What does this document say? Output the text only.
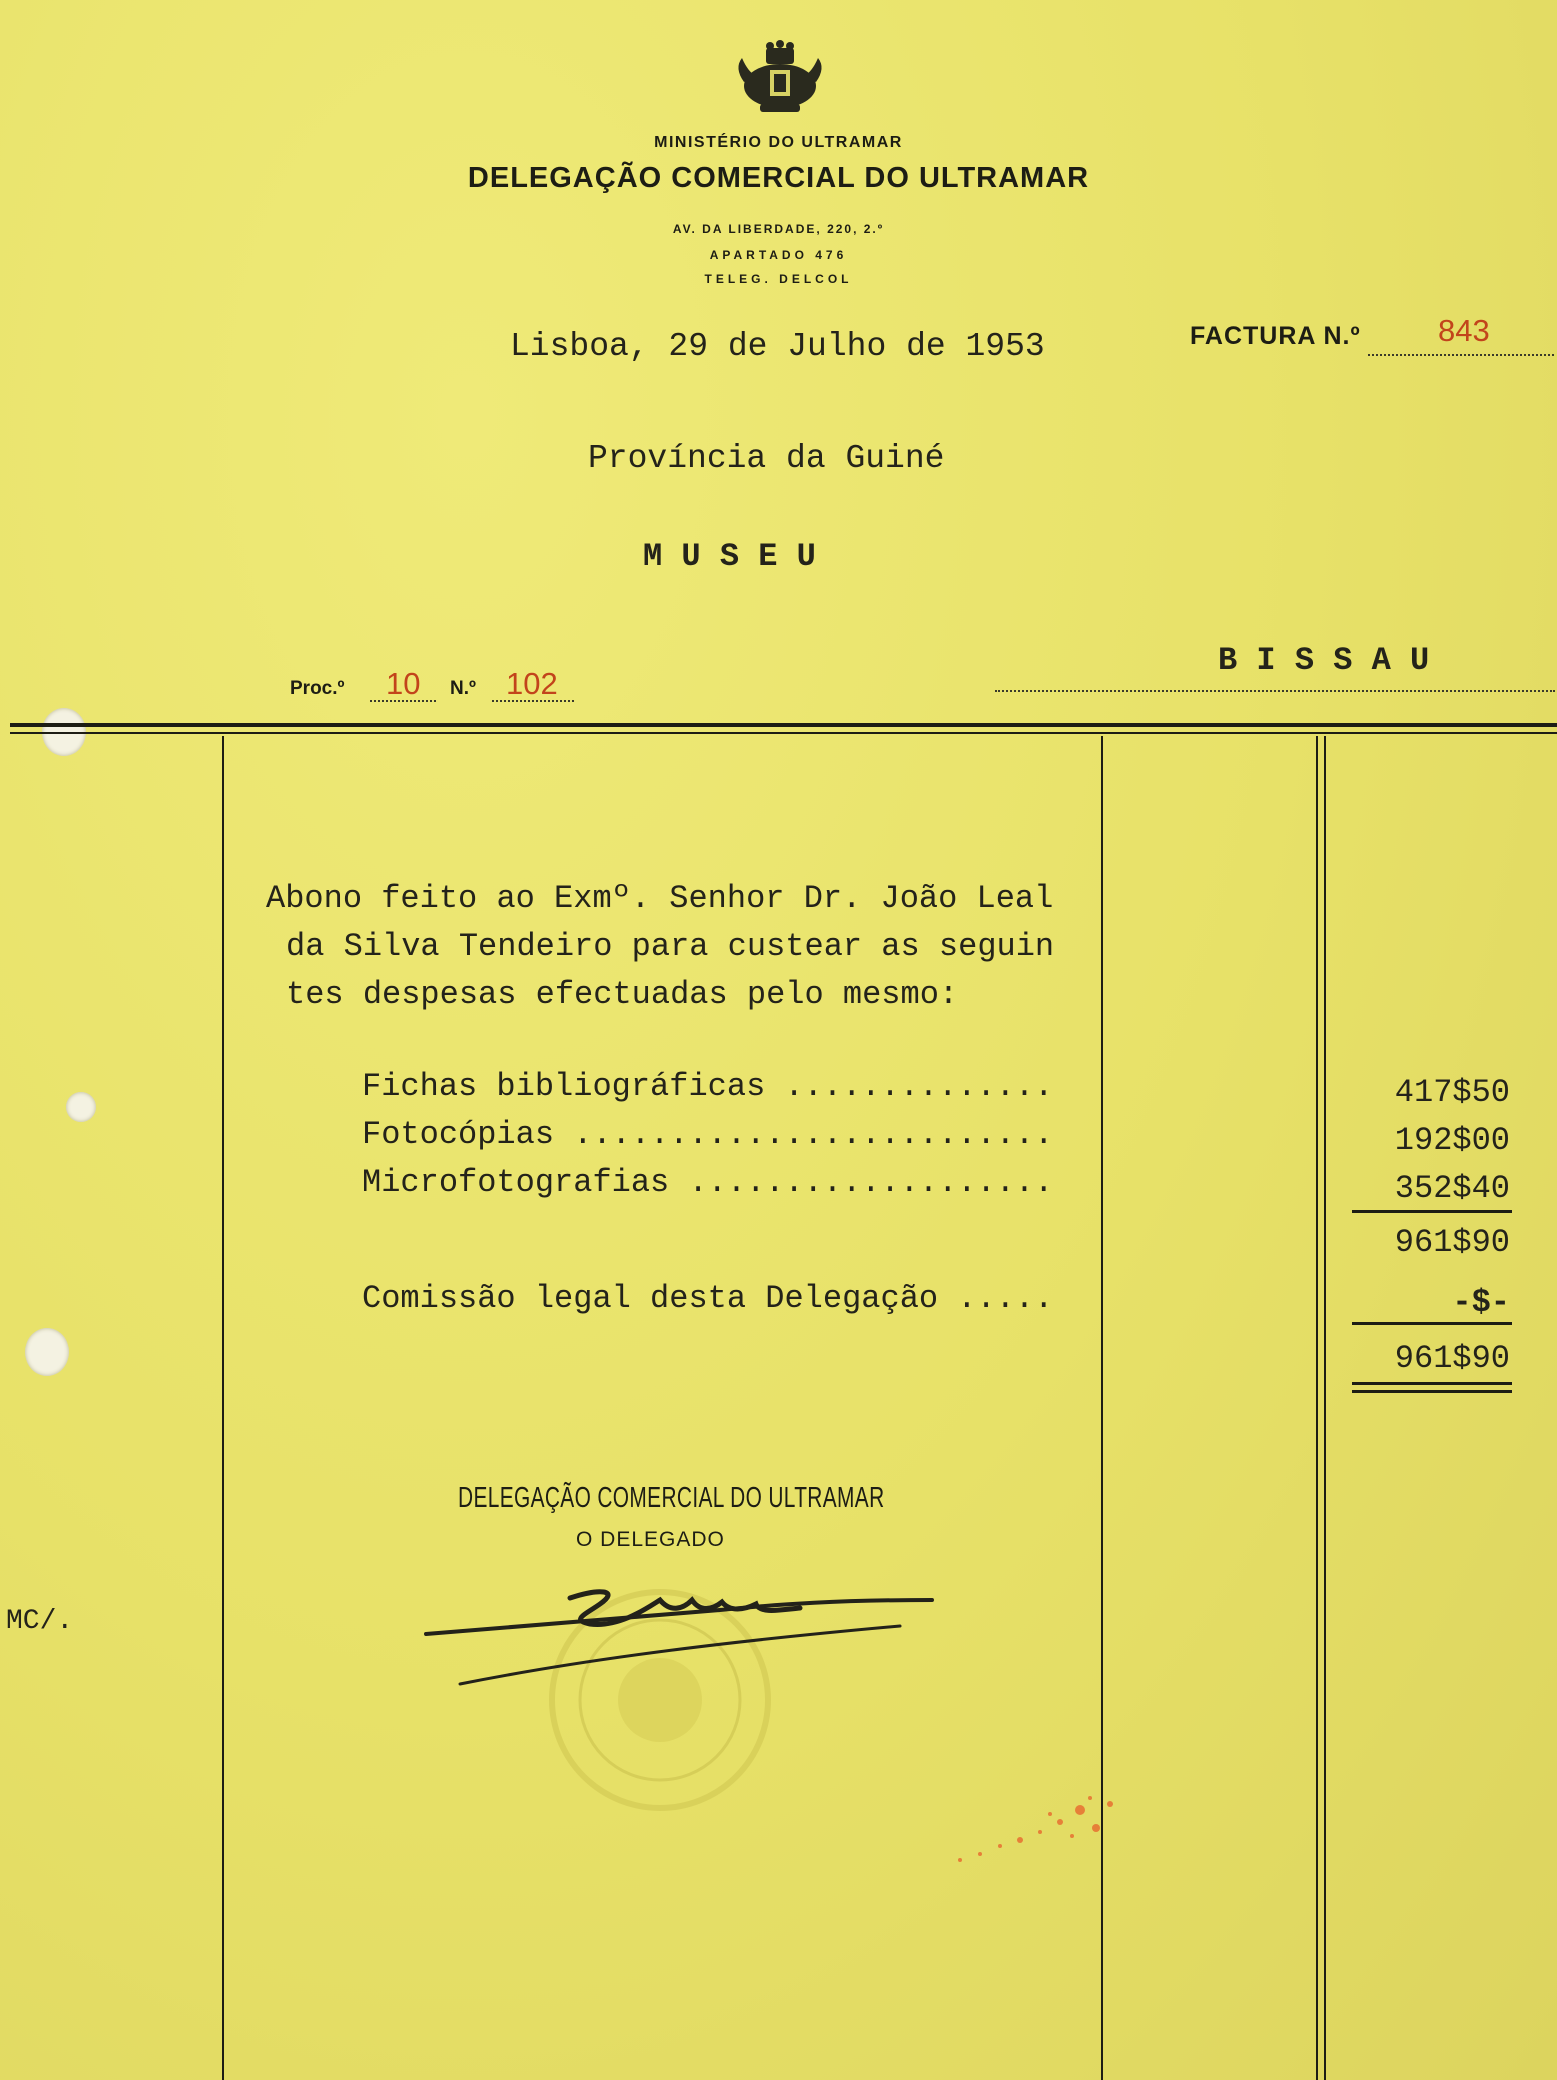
MINISTÉRIO DO ULTRAMAR
DELEGAÇÃO COMERCIAL DO ULTRAMAR
AV. DA LIBERDADE, 220, 2.º
APARTADO 476
TELEG. DELCOL
Lisboa, 29 de Julho de 1953	FACTURA N.º 843
Província da Guiné
M U S E U
B I S S A U
Proc.º 10 N.º 102
Abono feito ao Exmº. Senhor Dr. João Leal
da Silva Tendeiro para custear as seguin
tes despesas efectuadas pelo mesmo:
Fichas bibliográficas ..............
Fotocópias .........................
Microfotografias ...................
417$50
192$00
352$40
961$90
Comissão legal desta Delegação .....	-$-
961$90
DELEGAÇÃO COMERCIAL DO ULTRAMAR
O DELEGADO
MC/.
